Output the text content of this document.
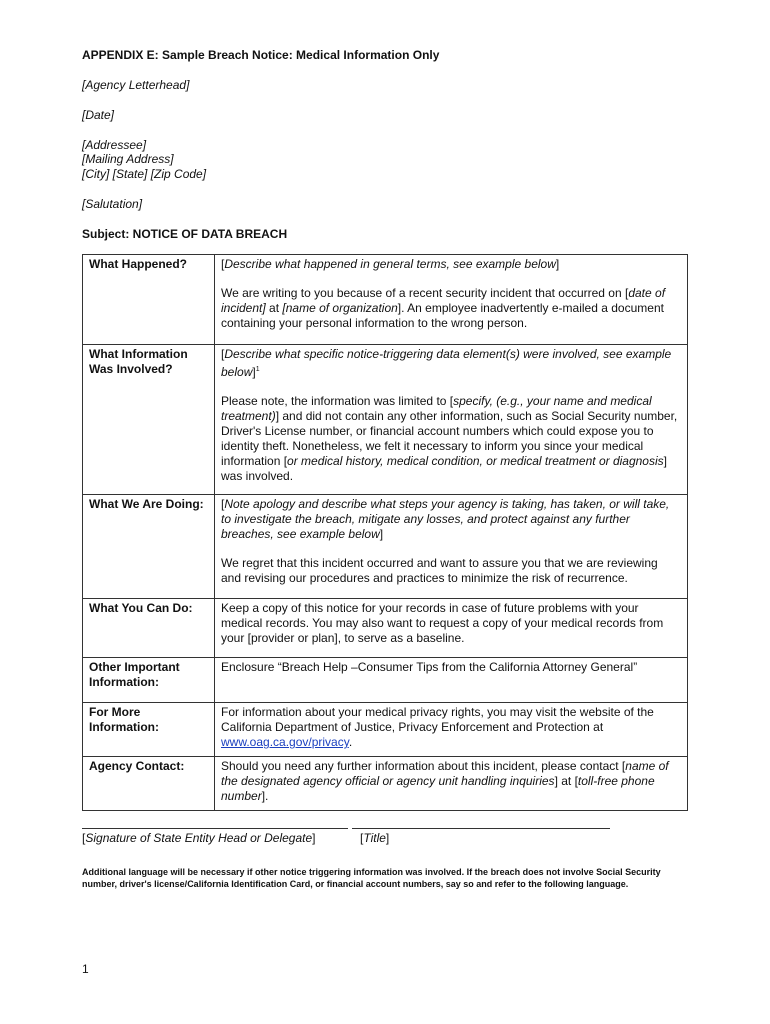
APPENDIX E: Sample Breach Notice: Medical Information Only
[Agency Letterhead]
[Date]
[Addressee]
[Mailing Address]
[City] [State] [Zip Code]
[Salutation]
Subject: NOTICE OF DATA BREACH
What Happened?	[Describe what happened in general terms, see example below]

We are writing to you because of a recent security incident that occurred on [date of incident] at [name of organization]. An employee inadvertently e-mailed a document containing your personal information to the wrong person.

What Information Was Involved?	[Describe what specific notice-triggering data element(s) were involved, see example below]$^1$

Please note, the information was limited to [specify, (e.g., your name and medical treatment)] and did not contain any other information, such as Social Security number, Driver's License number, or financial account numbers which could expose you to identity theft. Nonetheless, we felt it necessary to inform you since your medical information [or medical history, medical condition, or medical treatment or diagnosis] was involved.

What We Are Doing:	[Note apology and describe what steps your agency is taking, has taken, or will take, to investigate the breach, mitigate any losses, and protect against any further breaches, see example below]

We regret that this incident occurred and want to assure you that we are reviewing and revising our procedures and practices to minimize the risk of recurrence.

What You Can Do:	Keep a copy of this notice for your records in case of future problems with your medical records. You may also want to request a copy of your medical records from your [provider or plan], to serve as a baseline.

Other Important Information:	Enclosure “Breach Help –Consumer Tips from the California Attorney General”

For More Information:	For information about your medical privacy rights, you may visit the website of the California Department of Justice, Privacy Enforcement and Protection at www.oag.ca.gov/privacy.

Agency Contact:	Should you need any further information about this incident, please contact [name of the designated agency official or agency unit handling inquiries] at [toll-free phone number].

[Signature of State Entity Head or Delegate]	[Title]
Additional language will be necessary if other notice triggering information was involved. If the breach does not involve Social Security number, driver's license/California Identification Card, or financial account numbers, say so and refer to the following language.
1
